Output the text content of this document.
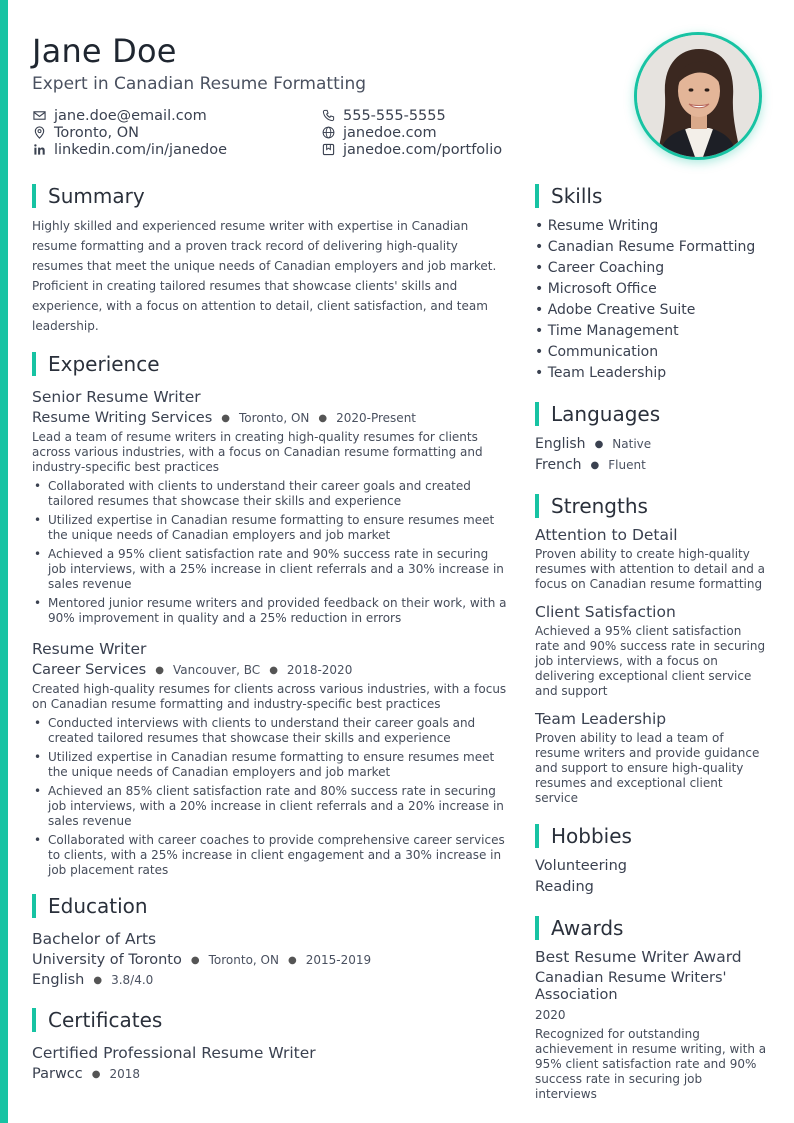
Jane Doe
Expert in Canadian Resume Formatting
jane.doe@email.com	555-555-5555
Toronto, ON	janedoe.com
linkedin.com/in/janedoe	janedoe.com/portfolio
Summary
Highly skilled and experienced resume writer with expertise in Canadian resume formatting and a proven track record of delivering high-quality resumes that meet the unique needs of Canadian employers and job market. Proficient in creating tailored resumes that showcase clients' skills and experience, with a focus on attention to detail, client satisfaction, and team leadership.
Experience
Senior Resume Writer
Resume Writing Services ● Toronto, ON ● 2020-Present
Lead a team of resume writers in creating high-quality resumes for clients across various industries, with a focus on Canadian resume formatting and industry-specific best practices
• Collaborated with clients to understand their career goals and created tailored resumes that showcase their skills and experience
• Utilized expertise in Canadian resume formatting to ensure resumes meet the unique needs of Canadian employers and job market
• Achieved a 95% client satisfaction rate and 90% success rate in securing job interviews, with a 25% increase in client referrals and a 30% increase in sales revenue
• Mentored junior resume writers and provided feedback on their work, with a 90% improvement in quality and a 25% reduction in errors
Resume Writer
Career Services ● Vancouver, BC ● 2018-2020
Created high-quality resumes for clients across various industries, with a focus on Canadian resume formatting and industry-specific best practices
• Conducted interviews with clients to understand their career goals and created tailored resumes that showcase their skills and experience
• Utilized expertise in Canadian resume formatting to ensure resumes meet the unique needs of Canadian employers and job market
• Achieved an 85% client satisfaction rate and 80% success rate in securing job interviews, with a 20% increase in client referrals and a 20% increase in sales revenue
• Collaborated with career coaches to provide comprehensive career services to clients, with a 25% increase in client engagement and a 30% increase in job placement rates
Education
Bachelor of Arts
University of Toronto ● Toronto, ON ● 2015-2019
English ● 3.8/4.0
Certificates
Certified Professional Resume Writer
Parwcc ● 2018
Skills
• Resume Writing
• Canadian Resume Formatting
• Career Coaching
• Microsoft Office
• Adobe Creative Suite
• Time Management
• Communication
• Team Leadership
Languages
English ● Native
French ● Fluent
Strengths
Attention to Detail
Proven ability to create high-quality resumes with attention to detail and a focus on Canadian resume formatting
Client Satisfaction
Achieved a 95% client satisfaction rate and 90% success rate in securing job interviews, with a focus on delivering exceptional client service and support
Team Leadership
Proven ability to lead a team of resume writers and provide guidance and support to ensure high-quality resumes and exceptional client service
Hobbies
Volunteering
Reading
Awards
Best Resume Writer Award
Canadian Resume Writers' Association
2020
Recognized for outstanding achievement in resume writing, with a 95% client satisfaction rate and 90% success rate in securing job interviews
